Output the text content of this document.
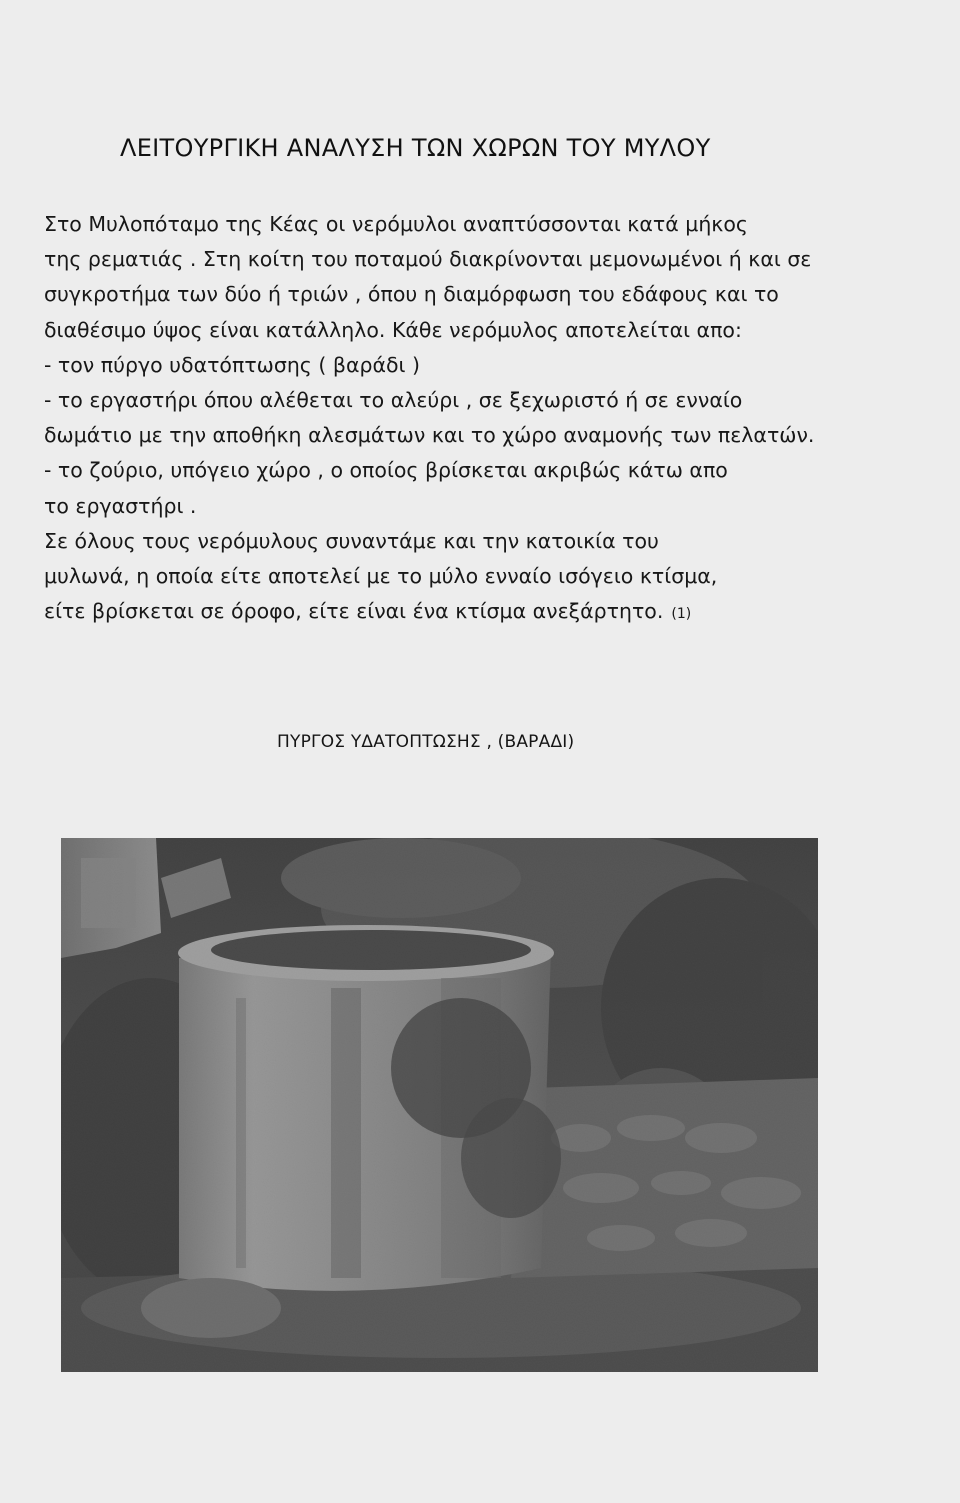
ΛΕΙΤΟΥΡΓΙΚΗ ΑΝΑΛΥΣΗ ΤΩΝ ΧΩΡΩΝ ΤΟΥ ΜΥΛΟΥ
Στο Μυλοπόταμο της Κέας οι νερόμυλοι αναπτύσσονται κατά μήκος
της ρεματιάς . Στη κοίτη του ποταμού διακρίνονται μεμονωμένοι ή και σε
συγκροτήμα των δύο ή τριών , όπου η διαμόρφωση του εδάφους και το
διαθέσιμο ύψος είναι κατάλληλο. Κάθε νερόμυλος αποτελείται απο:
- τον πύργο υδατόπτωσης ( βαράδι )
- το εργαστήρι όπου αλέθεται το αλεύρι , σε ξεχωριστό ή σε ενναίο
δωμάτιο με την αποθήκη αλεσμάτων και το χώρο αναμονής των πελατών.
- το ζούριο, υπόγειο χώρο , ο οποίος βρίσκεται ακριβώς κάτω απο
το εργαστήρι .
Σε όλους τους νερόμυλους συναντάμε και την κατοικία του
μυλωνά, η οποία είτε αποτελεί με το μύλο ενναίο ισόγειο κτίσμα,
είτε βρίσκεται σε όροφο, είτε είναι ένα κτίσμα ανεξάρτητο. (1)
ΠΥΡΓΟΣ ΥΔΑΤΟΠΤΩΣΗΣ , (ΒΑΡΑΔΙ)
